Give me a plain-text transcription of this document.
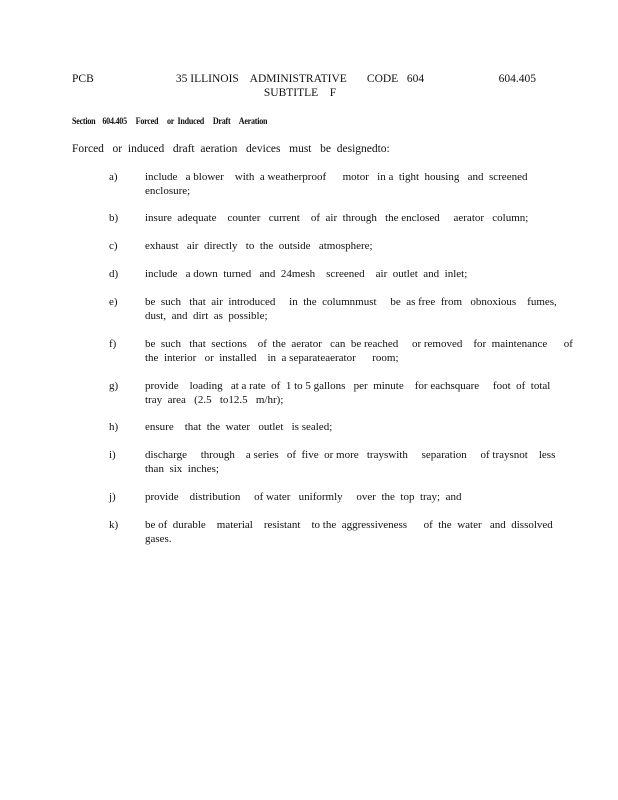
PCB	35 ILLINOIS    ADMINISTRATIVE       CODE   604
SUBTITLE    F
604.405
Section    604.405     Forced     or  Induced     Draft     Aeration
Forced   or  induced   draft  aeration   devices   must   be  designedto:
a) include   a blower    with  a weatherproof      motor   in a  tight  housing   and  screened
enclosure;
b) insure  adequate    counter   current    of  air  through   the enclosed     aerator   column;
c) exhaust   air  directly   to  the  outside   atmosphere;
d) include   a down  turned   and  24mesh    screened    air  outlet  and  inlet;
e) be  such   that  air  introduced     in  the  columnmust     be  as free  from   obnoxious    fumes,
dust,  and  dirt  as  possible;
f)	be  such   that  sections    of  the  aerator   can  be reached     or removed    for  maintenance      of
the  interior   or  installed    in  a separateaerator      room;
g) provide    loading   at a rate  of  1 to 5 gallons   per  minute    for eachsquare     foot  of  total
tray  area   (2.5   to12.5   m/hr);
h) ensure    that  the  water   outlet   is sealed;
i)	discharge     through    a series   of  five  or more   trayswith     separation     of traysnot    less
than  six  inches;
j)	provide    distribution     of water   uniformly     over  the  top  tray;  and
k) be of  durable    material    resistant    to the  aggressiveness      of  the  water   and  dissolved
gases.
